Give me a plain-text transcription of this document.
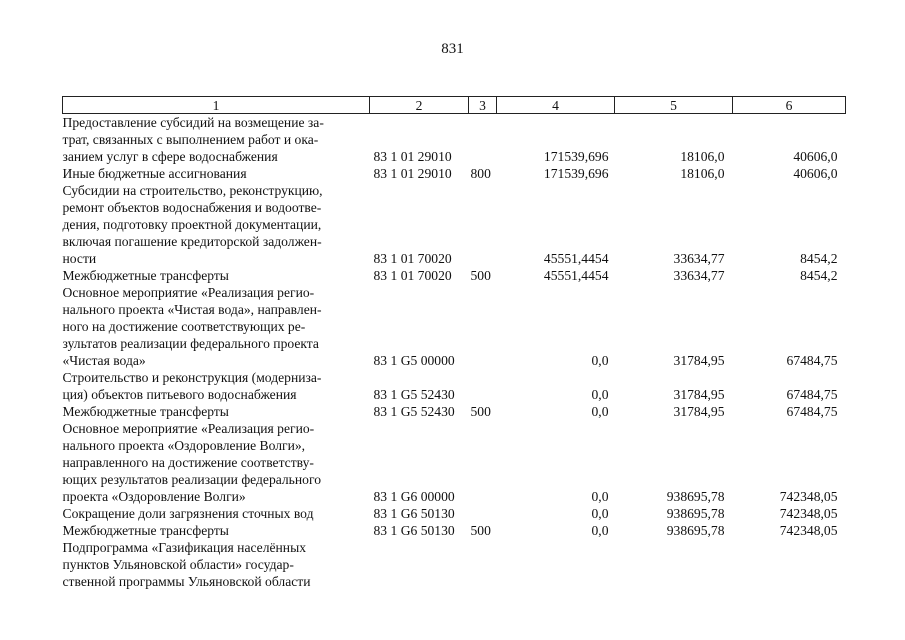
831
1	2	3	4	5	6

Предоставление субсидий на возмещение за-
трат, связанных с выполнением работ и ока-
занием услуг в сфере водоснабжения	83 1 01 29010		171539,696	18106,0	40606,0

Иные бюджетные ассигнования	83 1 01 29010	800	171539,696	18106,0	40606,0

Субсидии на строительство, реконструкцию,
ремонт объектов водоснабжения и водоотве-
дения, подготовку проектной документации,
включая погашение кредиторской задолжен-
ности	83 1 01 70020		45551,4454	33634,77	8454,2

Межбюджетные трансферты	83 1 01 70020	500	45551,4454	33634,77	8454,2

Основное мероприятие «Реализация регио-
нального проекта «Чистая вода», направлен-
ного на достижение соответствующих ре-
зультатов реализации федерального проекта
«Чистая вода»	83 1 G5 00000		0,0	31784,95	67484,75

Строительство и реконструкция (модерниза-
ция) объектов питьевого водоснабжения	83 1 G5 52430		0,0	31784,95	67484,75

Межбюджетные трансферты	83 1 G5 52430	500	0,0	31784,95	67484,75

Основное мероприятие «Реализация регио-
нального проекта «Оздоровление Волги»,
направленного на достижение соответству-
ющих результатов реализации федерального
проекта «Оздоровление Волги»	83 1 G6 00000		0,0	938695,78	742348,05

Сокращение доли загрязнения сточных вод	83 1 G6 50130		0,0	938695,78	742348,05

Межбюджетные трансферты	83 1 G6 50130	500	0,0	938695,78	742348,05

Подпрограмма «Газификация населённых
пунктов Ульяновской области» государ-
ственной программы Ульяновской области					
